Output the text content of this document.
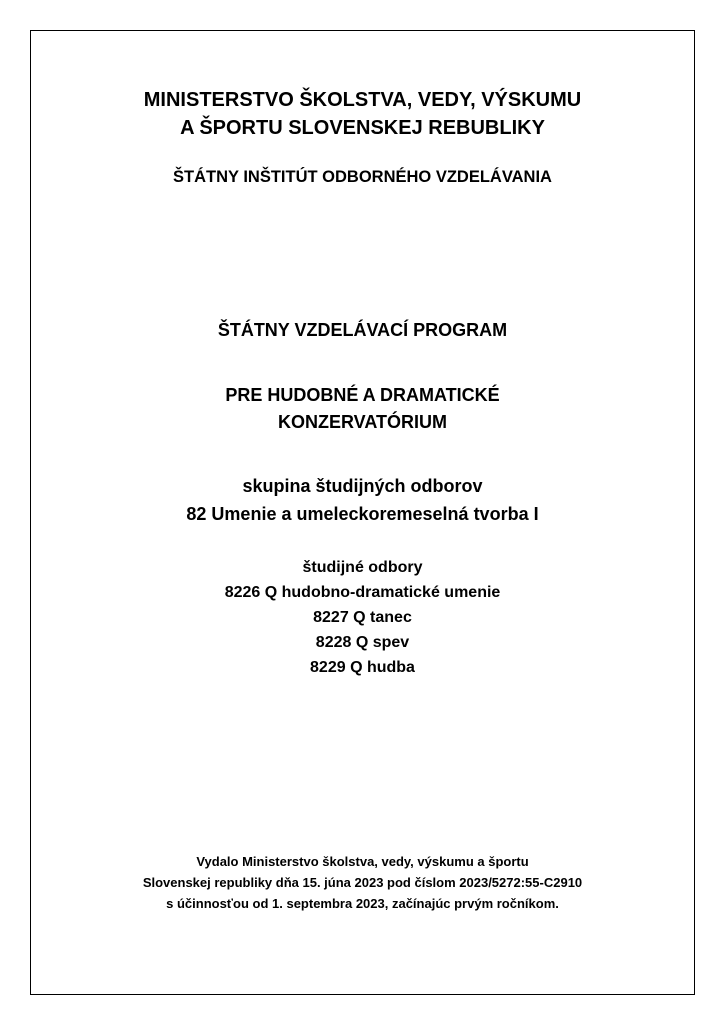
MINISTERSTVO ŠKOLSTVA, VEDY, VÝSKUMU
A ŠPORTU SLOVENSKEJ REBUBLIKY
ŠTÁTNY INŠTITÚT ODBORNÉHO VZDELÁVANIA
ŠTÁTNY VZDELÁVACÍ PROGRAM
PRE HUDOBNÉ A DRAMATICKÉ
KONZERVATÓRIUM
skupina študijných odborov
82 Umenie a umeleckoremeselná tvorba I
študijné odbory
8226 Q hudobno-dramatické umenie
8227 Q tanec
8228 Q spev
8229 Q hudba
Vydalo Ministerstvo školstva, vedy, výskumu a športu
Slovenskej republiky dňa 15. júna 2023 pod číslom 2023/5272:55-C2910
s účinnosťou od 1. septembra 2023, začínajúc prvým ročníkom.
